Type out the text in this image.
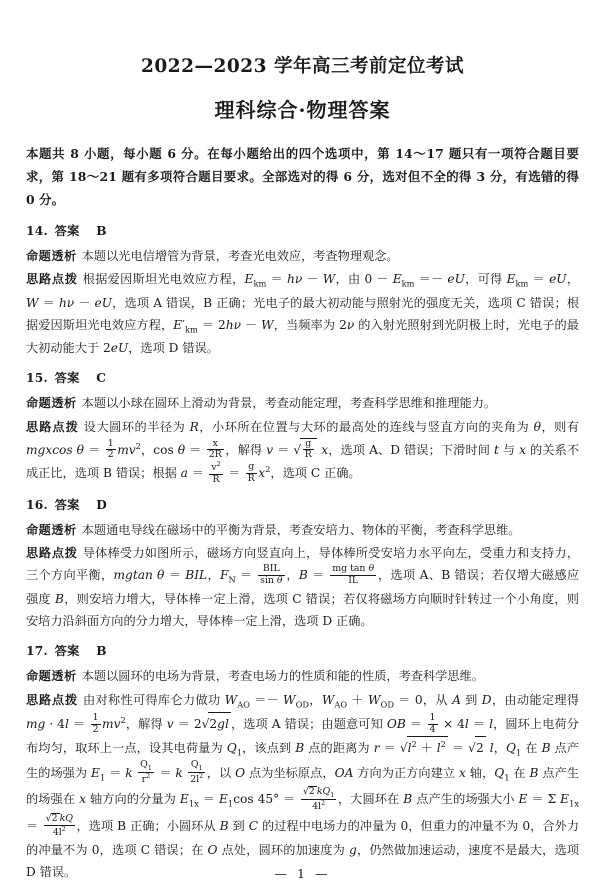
2022—2023 学年高三考前定位考试
理科综合·物理答案
本题共 8 小题，每小题 6 分。在每小题给出的四个选项中，第 14～17 题只有一项符合题目要求，第 18～21 题有多项符合题目要求。全部选对的得 6 分，选对但不全的得 3 分，有选错的得 0 分。
14. 答案 B
命题透析 本题以光电信增管为背景，考查光电效应，考查物理观念。
思路点拨 根据爱因斯坦光电效应方程，$E_{km} = h\nu - W$，由 $0 - E_{km}$ ＝－ eU，可得 $E_{km}$ ＝ eU，W ＝ hν － eU，选项 A 错误，B 正确；光电子的最大初动能与照射光的强度无关，选项 C 错误；根据爱因斯坦光电效应方程，$E'_{km} = 2h\nu - W$，当频率为 2ν 的入射光照射到光阴极上时，光电子的最大初动能大于 2eU，选项 D 错误。
15. 答案 C
命题透析 本题以小球在圆环上滑动为背景，考查动能定理，考查科学思维和推理能力。
思路点拨 设大圆环的半径为 R，小环所在位置与大环的最高处的连线与竖直方向的夹角为 θ，则有 mgxcos $\theta = \frac{1}{2} mv^2$，$\cos \theta = \frac{x}{2R}$ ，解得 v ＝ √ $\frac{g}{R}$ x，选项 A、D 错误；下滑时间 t 与 x 的关系不成正比，选项 B 错误；根据 $a = \frac{v^2}{R} = \frac{g}{R} x^2$，选项 C 正确。
16. 答案 D
命题透析 本题通电导线在磁场中的平衡为背景，考查安培力、物体的平衡，考查科学思维。
思路点拨 导体棒受力如图所示，磁场方向竖直向上，导体棒所受安培力水平向左，受重力和支持力，三个方向平衡，mgtan θ ＝ BIL，$F_N = \frac{\text{BIL}}{\text{sin θ}}$ ，$B = \frac{\text{mg tan θ}}{IL}$ ，选项 A、B 错误；若仅增大磁感应强度 B，则安培力增大，导体棒一定上滑，选项 C 错误；若仅将磁场方向顺时针转过一个小角度，则安培力沿斜面方向的分力增大，导体棒一定上滑，选项 D 正确。
17. 答案 B
命题透析 本题以圆环的电场为背景，考查电场力的性质和能的性质，考查科学思维。
思路点拨 由对称性可得库仑力做功 $W_{AO} =- W_{OD}$，$W_{AO} + W_{OD} = 0$，从 A 到 D，由动能定理得 mg · $4l = \frac{1}{2} mv^2$，解得 v ＝ 2 √ 2gl ，选项 A 错误；由题意可知 OB ＝ $\frac{1}{4} \times 4l = l$，圆环上电荷分布均匀，取环上一点，设其电荷量为 $Q_1$，该点到 B 点的距离为 $r = √l^2 + l^2 = √2$ l，$Q_1$ 在 B 点产生的场强为 $E_1 = k \frac{Q_1}{r^2} = k \frac{Q_1}{2l^2}$ ，以 O 点为坐标原点，OA 方向为正方向建立 x 轴，$Q_1$ 在 B 点产生的场强在 x 轴方向的分量为 $E_{1x} = E_1\cos$ 45° ＝ √ $\frac{2 kQ_1}{4l^2}$ ，大圆环在 B 点产生的场强大小 E ＝ Σ $E_{1x}$ ＝ √ $\frac{2 kQ}{4l^2}$ ，选项 B 正确；小圆环从 B 到 C 的过程中电场力的冲量为 0，但重力的冲量不为 0，合外力的冲量不为 0，选项 C 错误；在 O 点处，圆环的加速度为 g，仍然做加速运动，速度不是最大，选项 D 错误。	— 1 —
